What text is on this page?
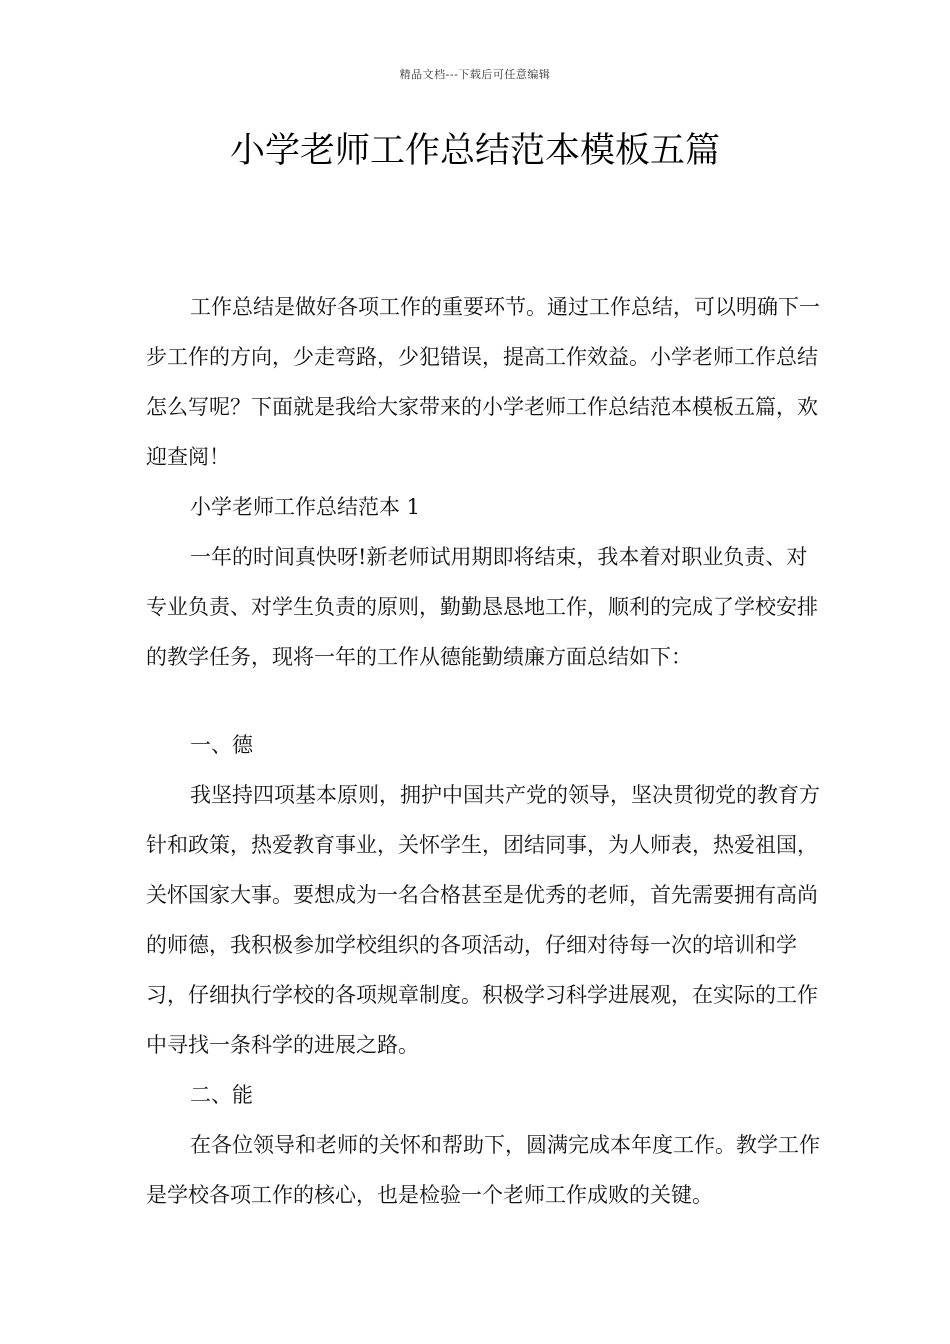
精品文档---下载后可任意编辑
小学老师工作总结范本模板五篇

工作总结是做好各项工作的重要环节。通过工作总结，可以明确下一步工作的方向，少走弯路，少犯错误，提高工作效益。小学老师工作总结怎么写呢？下面就是我给大家带来的小学老师工作总结范本模板五篇，欢迎查阅！

小学老师工作总结范本 1

一年的时间真快呀!新老师试用期即将结束，我本着对职业负责、对专业负责、对学生负责的原则，勤勤恳恳地工作，顺利的完成了学校安排的教学任务，现将一年的工作从德能勤绩廉方面总结如下：

一、德

我坚持四项基本原则，拥护中国共产党的领导，坚决贯彻党的教育方针和政策，热爱教育事业，关怀学生，团结同事，为人师表，热爱祖国，关怀国家大事。要想成为一名合格甚至是优秀的老师，首先需要拥有高尚的师德，我积极参加学校组织的各项活动，仔细对待每一次的培训和学习，仔细执行学校的各项规章制度。积极学习科学进展观，在实际的工作中寻找一条科学的进展之路。

二、能

在各位领导和老师的关怀和帮助下，圆满完成本年度工作。教学工作是学校各项工作的核心，也是检验一个老师工作成败的关键。
